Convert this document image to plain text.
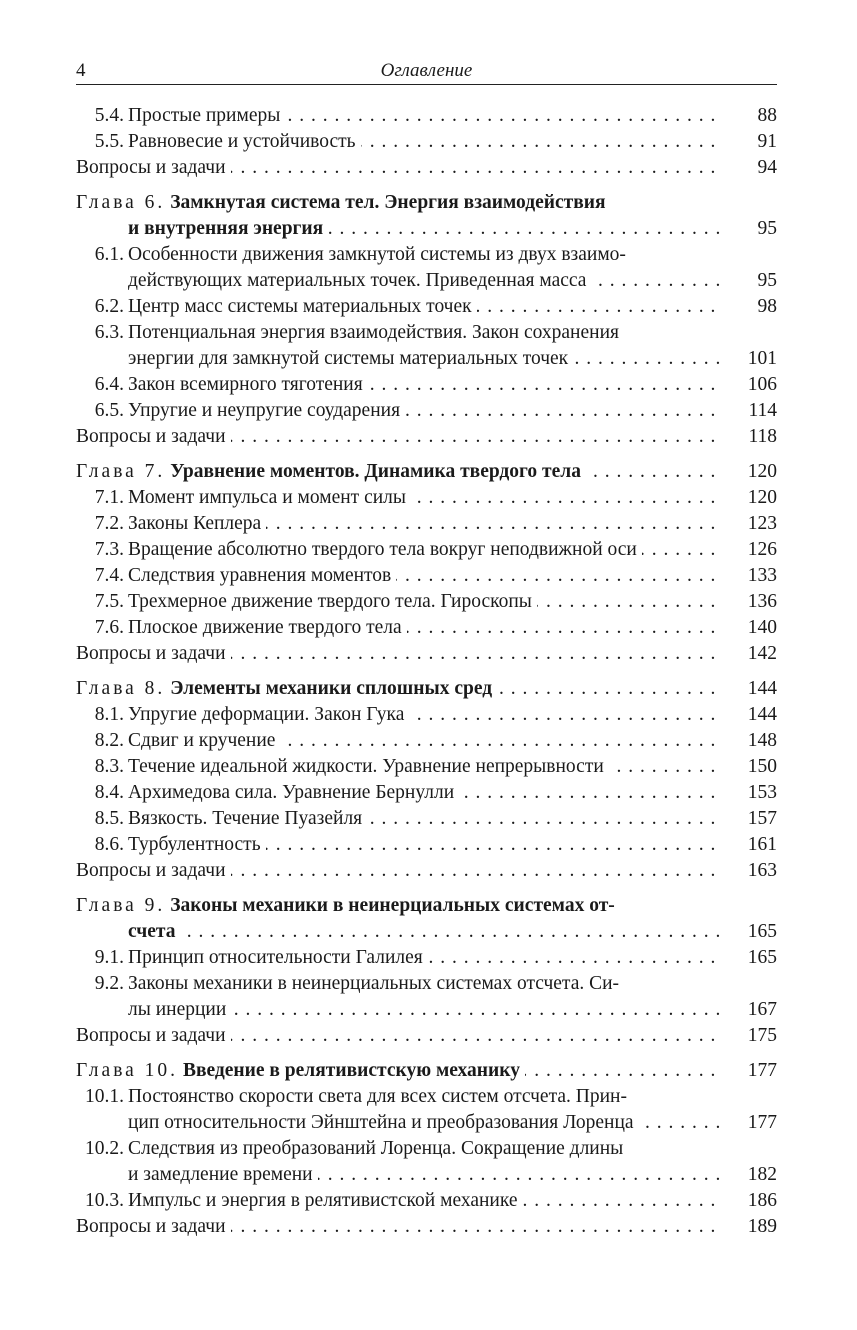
4	Оглавление
5.4. Простые примеры . . .	88
5.5. Равновесие и устойчивость . . .	91
Вопросы и задачи . . .	94
Глава 6. Замкнутая система тел. Энергия взаимодействия
и внутренняя энергия . . .	95
6.1. Особенности движения замкнутой системы из двух взаимо-
действующих материальных точек. Приведенная масса . . .	95
6.2. Центр масс системы материальных точек . . .	98
6.3. Потенциальная энергия взаимодействия. Закон сохранения
энергии для замкнутой системы материальных точек . . .	101
6.4. Закон всемирного тяготения . . .	106
6.5. Упругие и неупругие соударения . . .	114
Вопросы и задачи . . .	118
Глава 7. Уравнение моментов. Динамика твердого тела . . .	120
7.1. Момент импульса и момент силы . . .	120
7.2. Законы Кеплера . . .	123
7.3. Вращение абсолютно твердого тела вокруг неподвижной оси . . .	126
7.4. Следствия уравнения моментов . . .	133
7.5. Трехмерное движение твердого тела. Гироскопы . . .	136
7.6. Плоское движение твердого тела . . .	140
Вопросы и задачи . . .	142
Глава 8. Элементы механики сплошных сред . . .	144
8.1. Упругие деформации. Закон Гука . . .	144
8.2. Сдвиг и кручение . . .	148
8.3. Течение идеальной жидкости. Уравнение непрерывности . . .	150
8.4. Архимедова сила. Уравнение Бернулли . . .	153
8.5. Вязкость. Течение Пуазейля . . .	157
8.6. Турбулентность . . .	161
Вопросы и задачи . . .	163
Глава 9. Законы механики в неинерциальных системах от-
счета . . .	165
9.1. Принцип относительности Галилея . . .	165
9.2. Законы механики в неинерциальных системах отсчета. Си-
лы инерции . . .	167
Вопросы и задачи . . .	175
Глава 10. Введение в релятивистскую механику . . .	177
10.1. Постоянство скорости света для всех систем отсчета. Прин-
цип относительности Эйнштейна и преобразования Лоренца . . .	177
10.2. Следствия из преобразований Лоренца. Сокращение длины
и замедление времени . . .	182
10.3. Импульс и энергия в релятивистской механике . . .	186
Вопросы и задачи . . .	189
